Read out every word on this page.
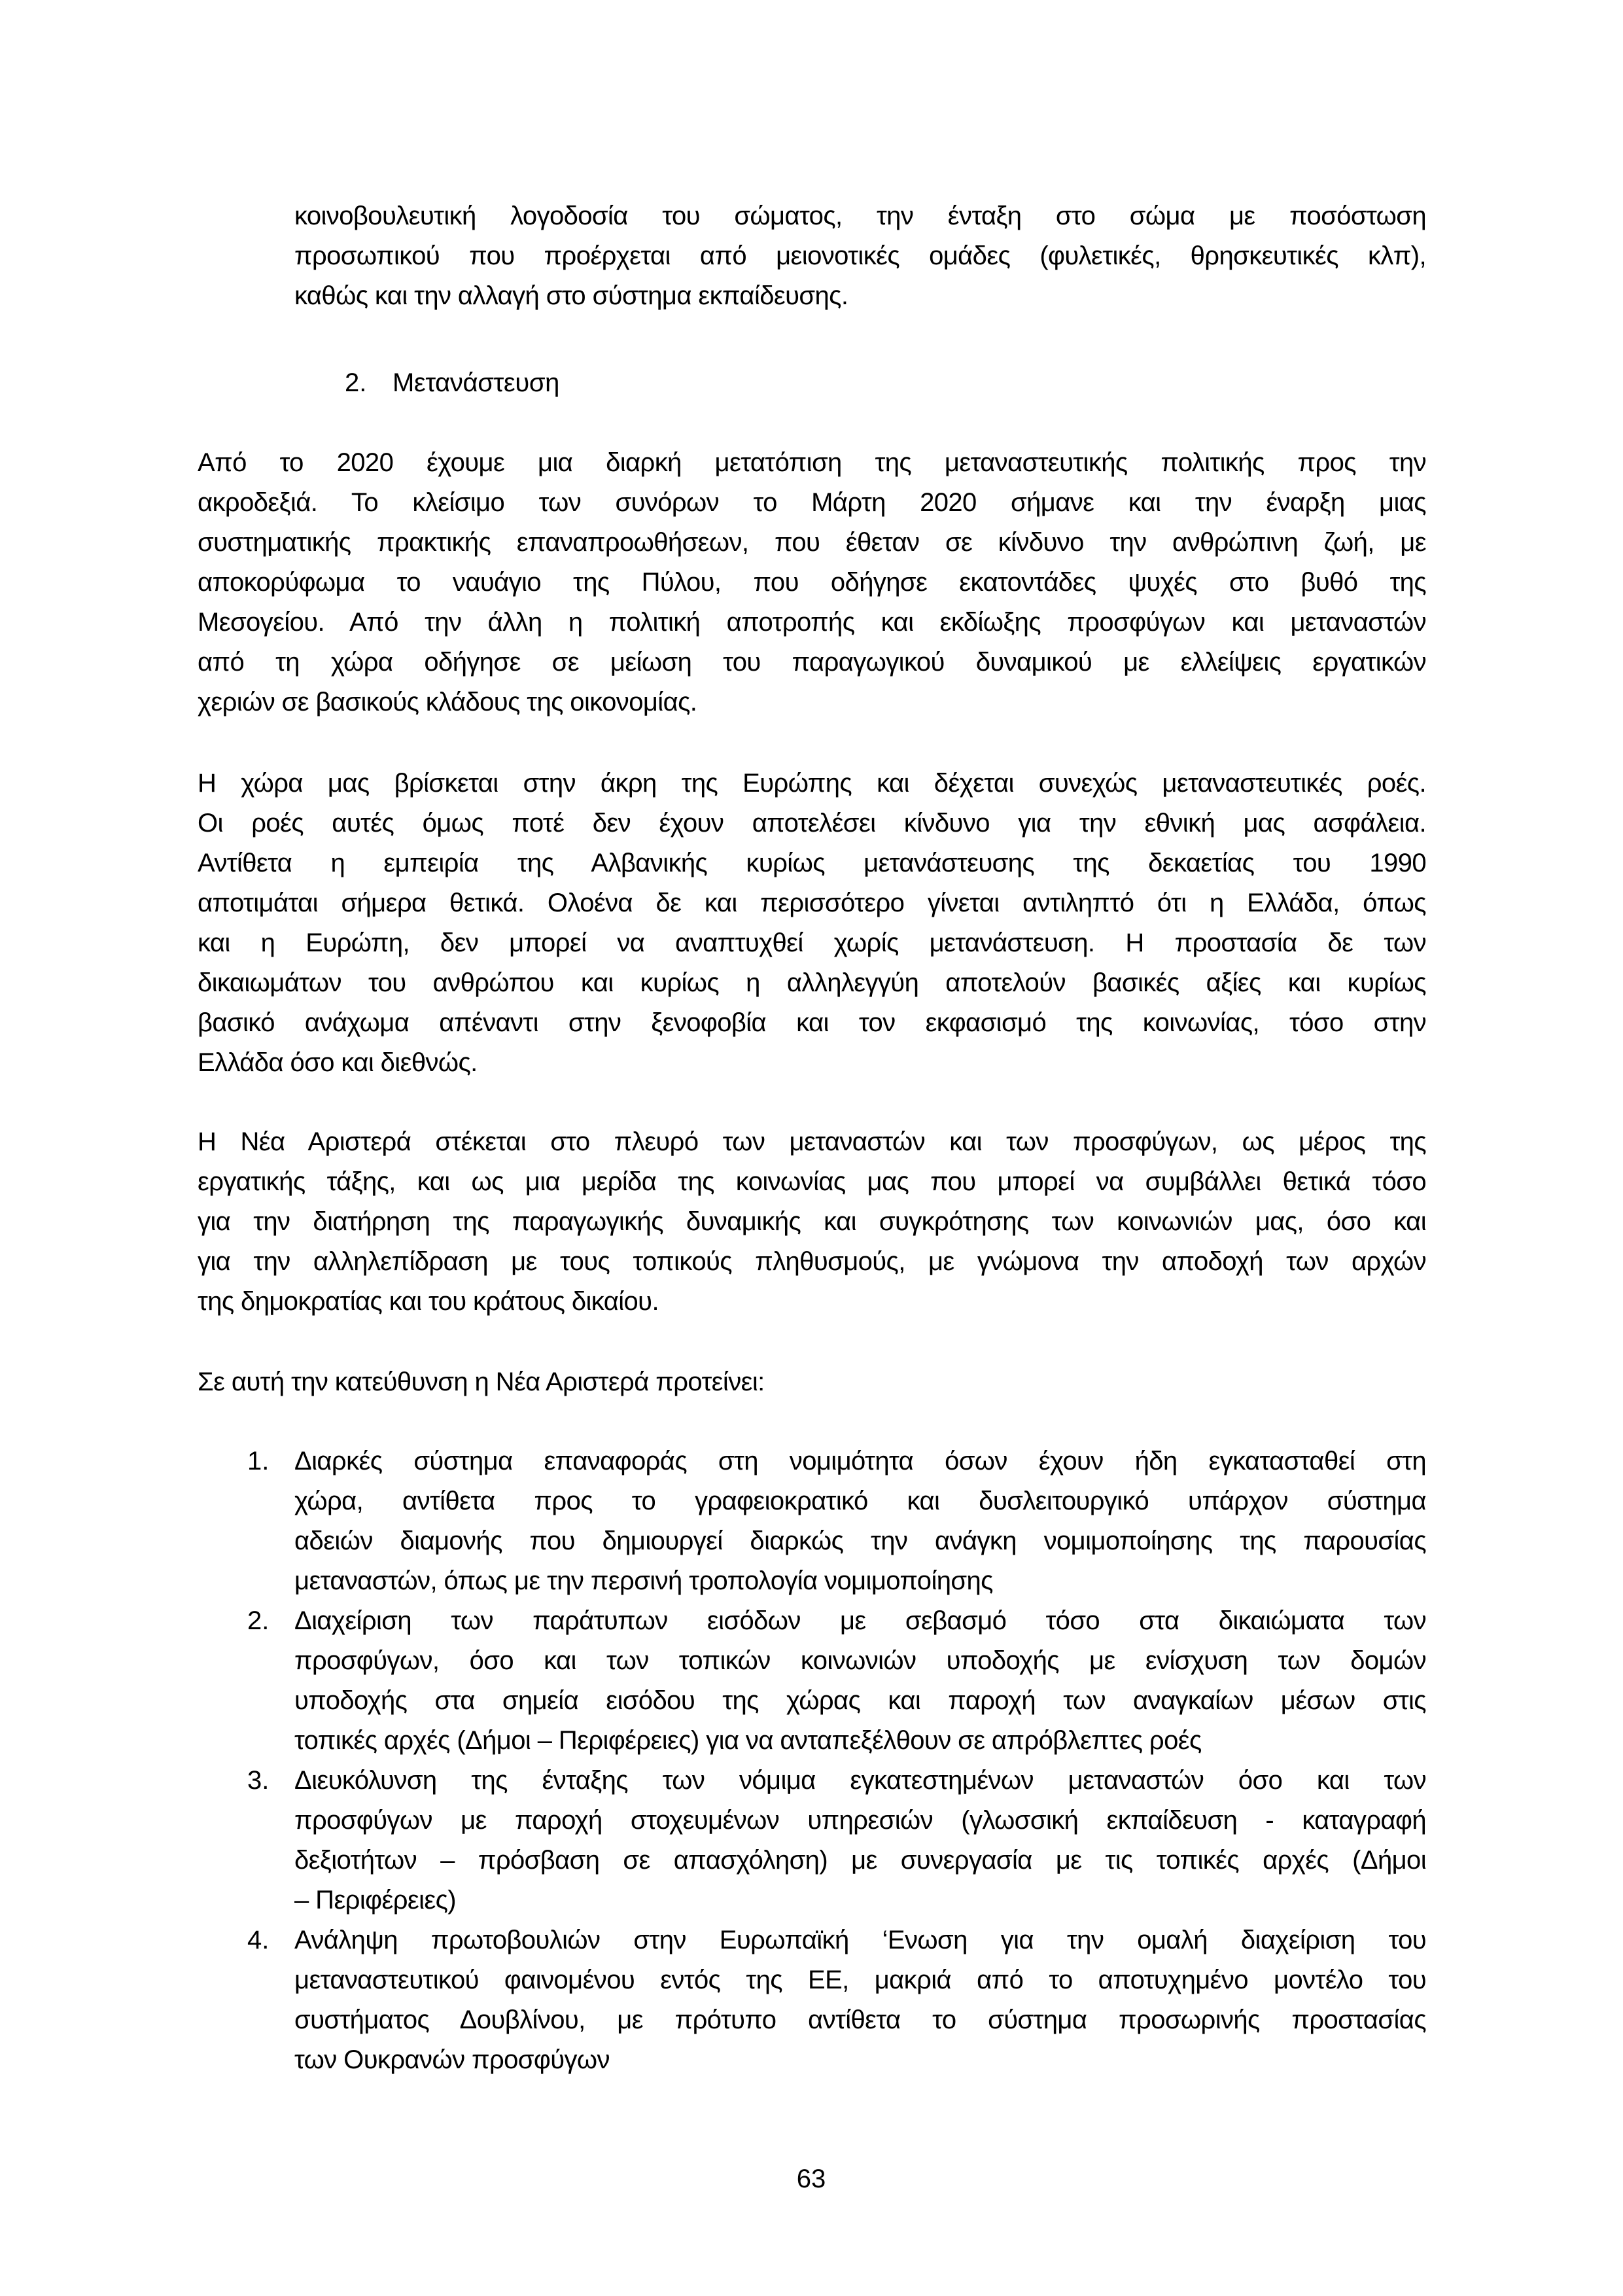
κοινοβουλευτική λογοδοσία του σώματος, την ένταξη στο σώμα με ποσόστωση
προσωπικού που προέρχεται από μειονοτικές ομάδες (φυλετικές, θρησκευτικές κλπ),
καθώς και την αλλαγή στο σύστημα εκπαίδευσης.
2. Μετανάστευση
Από το 2020 έχουμε μια διαρκή μετατόπιση της μεταναστευτικής πολιτικής προς την
ακροδεξιά. Το κλείσιμο των συνόρων το Μάρτη 2020 σήμανε και την έναρξη μιας
συστηματικής πρακτικής επαναπροωθήσεων, που έθεταν σε κίνδυνο την ανθρώπινη ζωή, με
αποκορύφωμα το ναυάγιο της Πύλου, που οδήγησε εκατοντάδες ψυχές στο βυθό της
Μεσογείου. Από την άλλη η πολιτική αποτροπής και εκδίωξης προσφύγων και μεταναστών
από τη χώρα οδήγησε σε μείωση του παραγωγικού δυναμικού με ελλείψεις εργατικών
χεριών σε βασικούς κλάδους της οικονομίας.
Η χώρα μας βρίσκεται στην άκρη της Ευρώπης και δέχεται συνεχώς μεταναστευτικές ροές.
Οι ροές αυτές όμως ποτέ δεν έχουν αποτελέσει κίνδυνο για την εθνική μας ασφάλεια.
Αντίθετα η εμπειρία της Αλβανικής κυρίως μετανάστευσης της δεκαετίας του 1990
αποτιμάται σήμερα θετικά. Ολοένα δε και περισσότερο γίνεται αντιληπτό ότι η Ελλάδα, όπως
και η Ευρώπη, δεν μπορεί να αναπτυχθεί χωρίς μετανάστευση. Η προστασία δε των
δικαιωμάτων του ανθρώπου και κυρίως η αλληλεγγύη αποτελούν βασικές αξίες και κυρίως
βασικό ανάχωμα απέναντι στην ξενοφοβία και τον εκφασισμό της κοινωνίας, τόσο στην
Ελλάδα όσο και διεθνώς.
Η Νέα Αριστερά στέκεται στο πλευρό των μεταναστών και των προσφύγων, ως μέρος της
εργατικής τάξης, και ως μια μερίδα της κοινωνίας μας που μπορεί να συμβάλλει θετικά τόσο
για την διατήρηση της παραγωγικής δυναμικής και συγκρότησης των κοινωνιών μας, όσο και
για την αλληλεπίδραση με τους τοπικούς πληθυσμούς, με γνώμονα την αποδοχή των αρχών
της δημοκρατίας και του κράτους δικαίου.
Σε αυτή την κατεύθυνση η Νέα Αριστερά προτείνει:
1. Διαρκές σύστημα επαναφοράς στη νομιμότητα όσων έχουν ήδη εγκατασταθεί στη
χώρα, αντίθετα προς το γραφειοκρατικό και δυσλειτουργικό υπάρχον σύστημα
αδειών διαμονής που δημιουργεί διαρκώς την ανάγκη νομιμοποίησης της παρουσίας
μεταναστών, όπως με την περσινή τροπολογία νομιμοποίησης
2. Διαχείριση των παράτυπων εισόδων με σεβασμό τόσο στα δικαιώματα των
προσφύγων, όσο και των τοπικών κοινωνιών υποδοχής με ενίσχυση των δομών
υποδοχής στα σημεία εισόδου της χώρας και παροχή των αναγκαίων μέσων στις
τοπικές αρχές (Δήμοι – Περιφέρειες) για να ανταπεξέλθουν σε απρόβλεπτες ροές
3. Διευκόλυνση της ένταξης των νόμιμα εγκατεστημένων μεταναστών όσο και των
προσφύγων με παροχή στοχευμένων υπηρεσιών (γλωσσική εκπαίδευση - καταγραφή
δεξιοτήτων – πρόσβαση σε απασχόληση) με συνεργασία με τις τοπικές αρχές (Δήμοι
– Περιφέρειες)
4. Ανάληψη πρωτοβουλιών στην Ευρωπαϊκή ‘Ενωση για την ομαλή διαχείριση του
μεταναστευτικού φαινομένου εντός της ΕΕ, μακριά από το αποτυχημένο μοντέλο του
συστήματος Δουβλίνου, με πρότυπο αντίθετα το σύστημα προσωρινής προστασίας
των Ουκρανών προσφύγων
63
